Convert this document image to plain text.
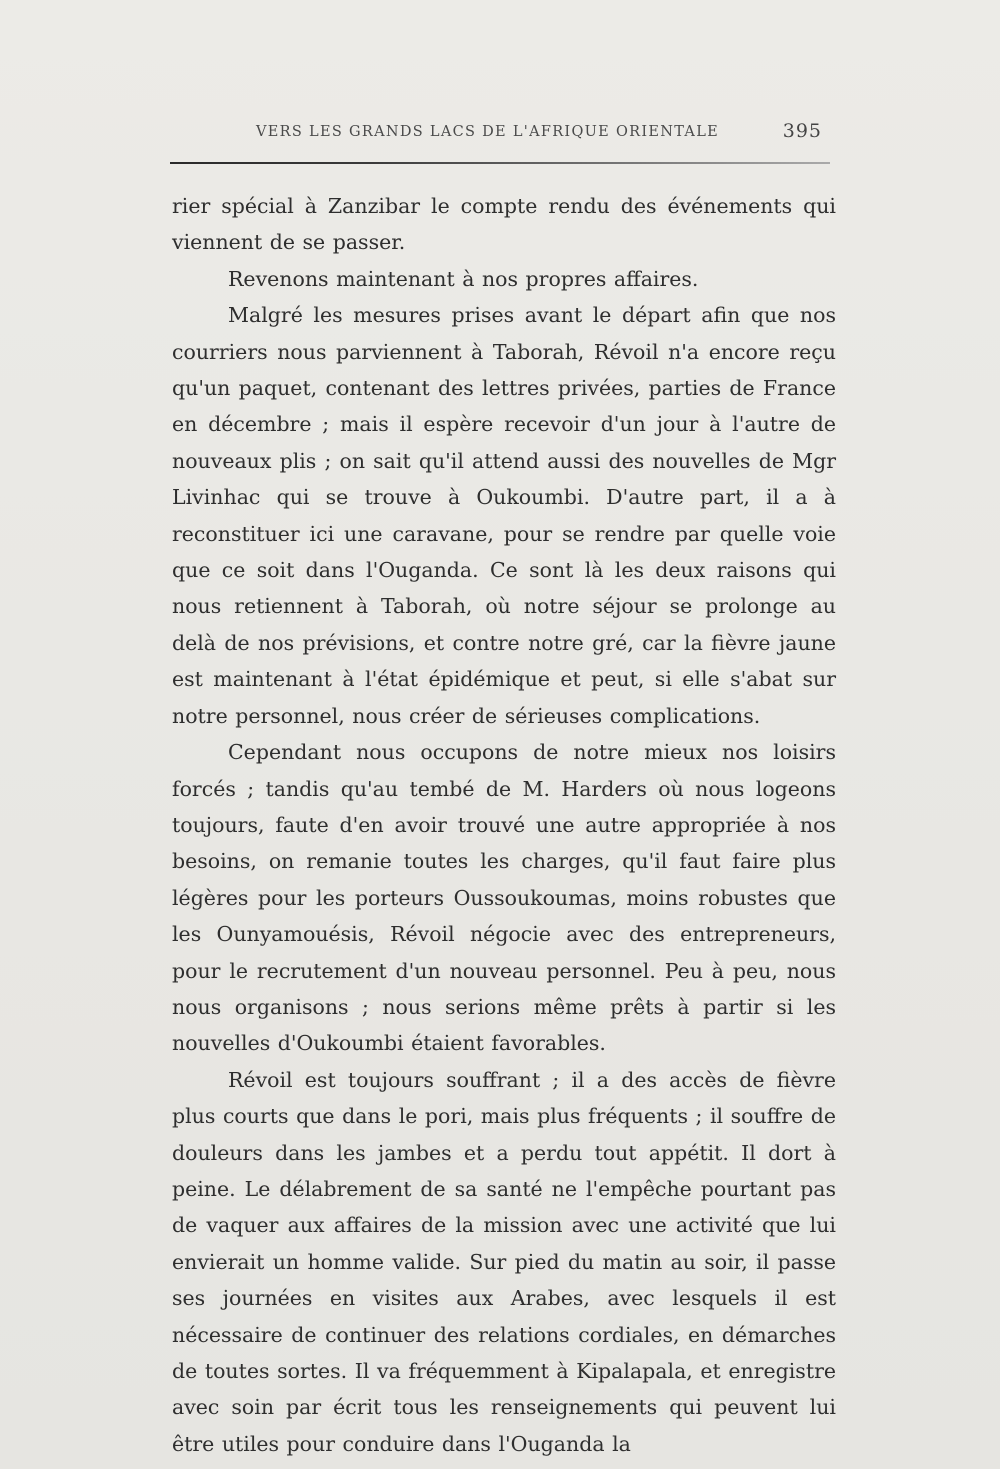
VERS LES GRANDS LACS DE L'AFRIQUE ORIENTALE	395

rier spécial à Zanzibar le compte rendu des événements qui viennent de se passer.

Revenons maintenant à nos propres affaires.

Malgré les mesures prises avant le départ afin que nos courriers nous parviennent à Taborah, Révoil n'a encore reçu qu'un paquet, contenant des lettres privées, parties de France en décembre ; mais il espère recevoir d'un jour à l'autre de nouveaux plis ; on sait qu'il attend aussi des nouvelles de Mgr Livinhac qui se trouve à Oukoumbi. D'autre part, il a à reconstituer ici une caravane, pour se rendre par quelle voie que ce soit dans l'Ouganda. Ce sont là les deux raisons qui nous retiennent à Taborah, où notre séjour se prolonge au delà de nos prévisions, et contre notre gré, car la fièvre jaune est maintenant à l'état épidémique et peut, si elle s'abat sur notre personnel, nous créer de sérieuses complications.

Cependant nous occupons de notre mieux nos loisirs forcés ; tandis qu'au tembé de M. Harders où nous logeons toujours, faute d'en avoir trouvé une autre appropriée à nos besoins, on remanie toutes les charges, qu'il faut faire plus légères pour les porteurs Oussoukoumas, moins robustes que les Ounyamouésis, Révoil négocie avec des entrepreneurs, pour le recrutement d'un nouveau personnel. Peu à peu, nous nous organisons ; nous serions même prêts à partir si les nouvelles d'Oukoumbi étaient favorables.

Révoil est toujours souffrant ; il a des accès de fièvre plus courts que dans le pori, mais plus fréquents ; il souffre de douleurs dans les jambes et a perdu tout appétit. Il dort à peine. Le délabrement de sa santé ne l'empêche pourtant pas de vaquer aux affaires de la mission avec une activité que lui envierait un homme valide. Sur pied du matin au soir, il passe ses journées en visites aux Arabes, avec lesquels il est nécessaire de continuer des relations cordiales, en démarches de toutes sortes. Il va fréquemment à Kipalapala, et enregistre avec soin par écrit tous les renseignements qui peuvent lui être utiles pour conduire dans l'Ouganda la
